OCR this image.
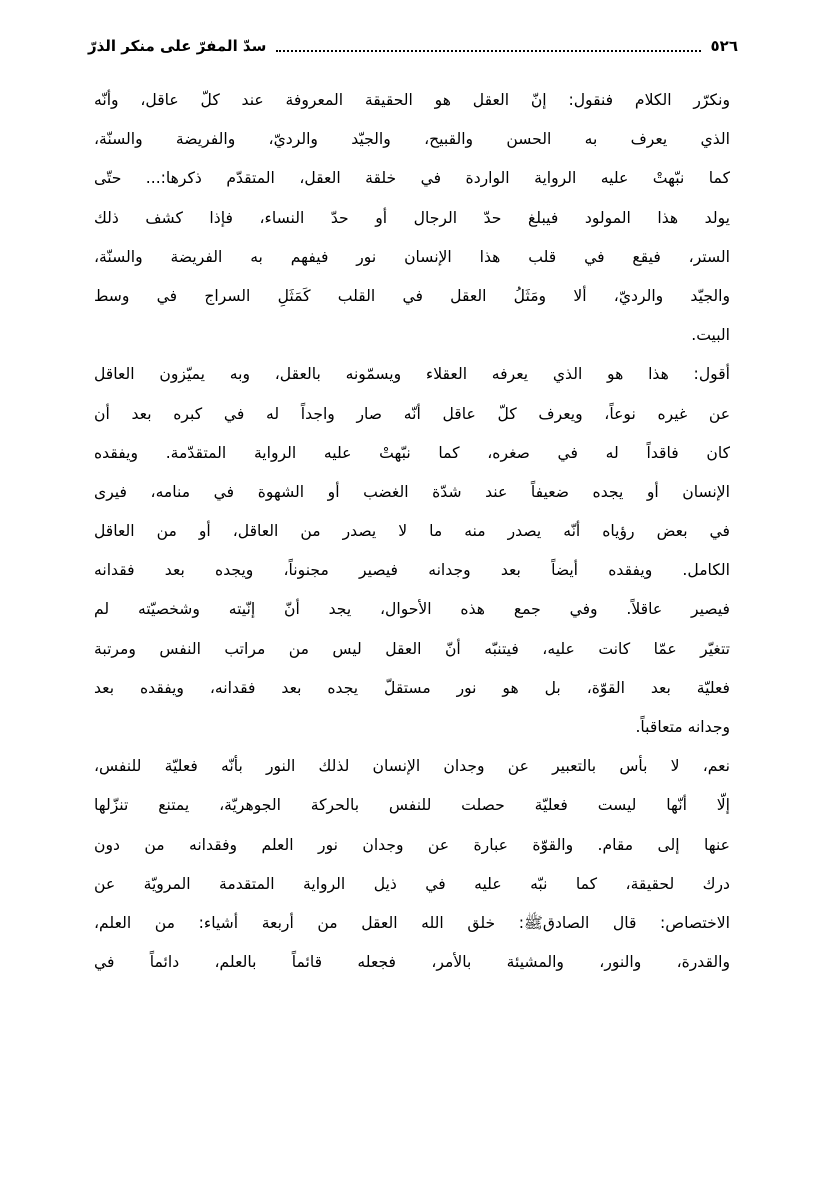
٥٢٦
سدّ المفرّ على منكر الذرّ
ونكرّر الكلام فنقول: إنّ العقل هو الحقيقة المعروفة عند كلّ عاقل، وأنّه
الذي يعرف به الحسن والقبيح، والجيّد والرديّ، والفريضة والسنّة،
كما نبّهتْ عليه الرواية الواردة في خلقة العقل، المتقدّم ذكرها:... حتّى
يولد هذا المولود فيبلغ حدّ الرجال أو حدّ النساء، فإذا كشف ذلك
الستر، فيقع في قلب هذا الإنسان نور فيفهم به الفريضة والسنّة،
والجيّد والرديّ، ألا ومَثَلُ العقل في القلب كَمَثَلِ السراج في وسط
البيت.
أقول: هذا هو الذي يعرفه العقلاء ويسمّونه بالعقل، وبه يميّزون العاقل
عن غيره نوعاً، ويعرف كلّ عاقل أنّه صار واجداً له في كبره بعد أن
كان فاقداً له في صغره، كما نبّهتْ عليه الرواية المتقدّمة. ويفقده
الإنسان أو يجده ضعيفاً عند شدّة الغضب أو الشهوة في منامه، فيرى
في بعض رؤياه أنّه يصدر منه ما لا يصدر من العاقل، أو من العاقل
الكامل. ويفقده أيضاً بعد وجدانه فيصير مجنوناً، ويجده بعد فقدانه
فيصير عاقلاً. وفي جمع هذه الأحوال، يجد أنّ إنّيته وشخصيّته لم
تتغيّر عمّا كانت عليه، فيتنبّه أنّ العقل ليس من مراتب النفس ومرتبة
فعليّة بعد القوّة، بل هو نور مستقلّ يجده بعد فقدانه، ويفقده بعد
وجدانه متعاقباً.
نعم، لا بأس بالتعبير عن وجدان الإنسان لذلك النور بأنّه فعليّة للنفس،
إلّا أنّها ليست فعليّة حصلت للنفس بالحركة الجوهريّة، يمتنع تنزّلها
عنها إلى مقام. والقوّة عبارة عن وجدان نور العلم وفقدانه من دون
درك لحقيقة، كما نبّه عليه في ذيل الرواية المتقدمة المرويّة عن
الاختصاص: قال الصادق‏ﷺ: خلق الله العقل من أربعة أشياء: من العلم،
والقدرة، والنور، والمشيئة بالأمر، فجعله قائماً بالعلم، دائماً في
